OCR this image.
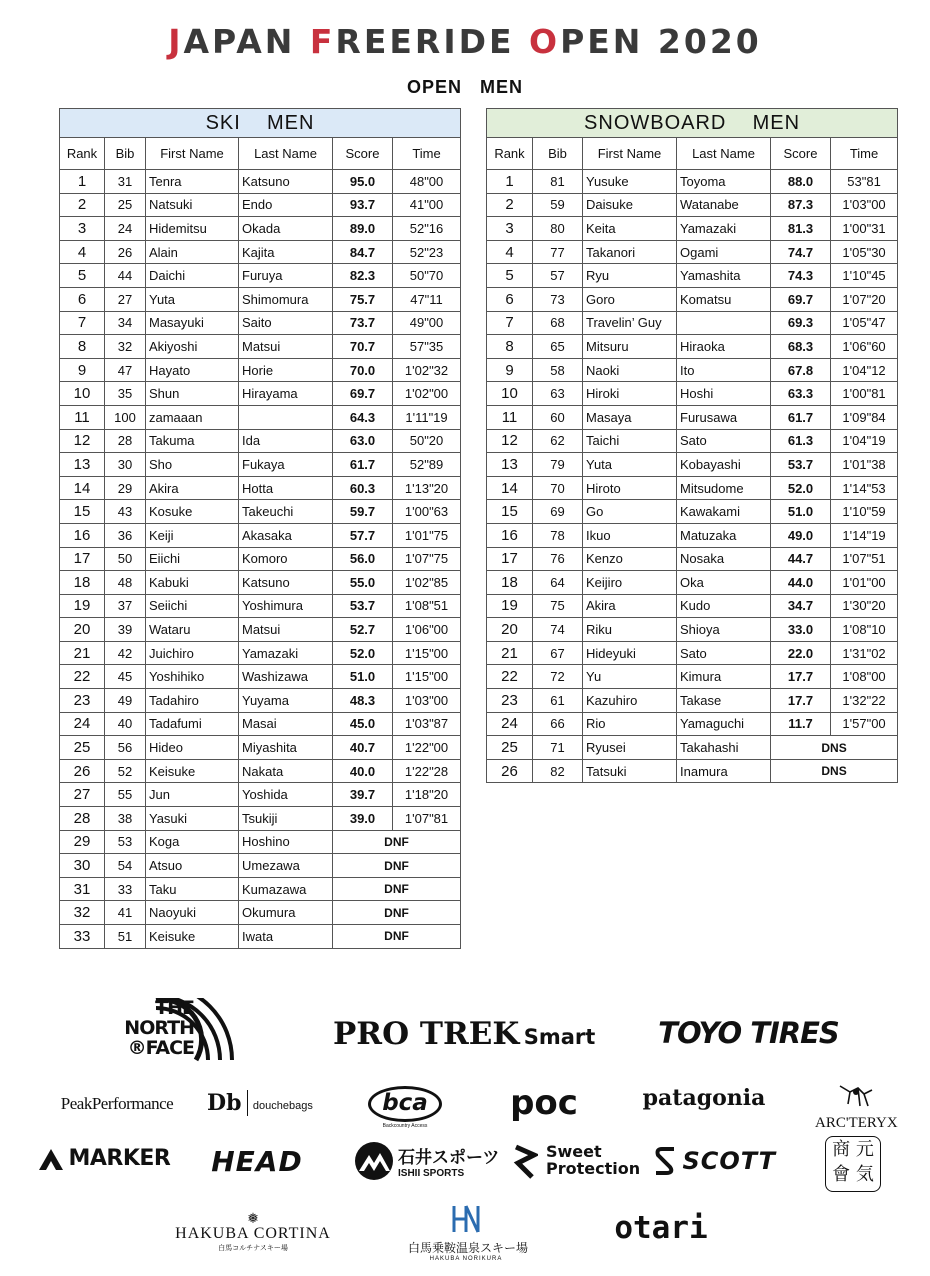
JAPAN FREERIDE OPEN 2020
OPEN   MEN
SKI    MEN					
Rank	Bib	First Name	Last Name	Score	Time
1	31	Tenra	Katsuno	95.0	48"00
2	25	Natsuki	Endo	93.7	41"00
3	24	Hidemitsu	Okada	89.0	52"16
4	26	Alain	Kajita	84.7	52"23
5	44	Daichi	Furuya	82.3	50"70
6	27	Yuta	Shimomura	75.7	47"11
7	34	Masayuki	Saito	73.7	49"00
8	32	Akiyoshi	Matsui	70.7	57"35
9	47	Hayato	Horie	70.0	1'02"32
10	35	Shun	Hirayama	69.7	1'02"00
11	100	zamaaan		64.3	1'11"19
12	28	Takuma	Ida	63.0	50"20
13	30	Sho	Fukaya	61.7	52"89
14	29	Akira	Hotta	60.3	1'13"20
15	43	Kosuke	Takeuchi	59.7	1'00"63
16	36	Keiji	Akasaka	57.7	1'01"75
17	50	Eiichi	Komoro	56.0	1'07"75
18	48	Kabuki	Katsuno	55.0	1'02"85
19	37	Seiichi	Yoshimura	53.7	1'08"51
20	39	Wataru	Matsui	52.7	1'06"00
21	42	Juichiro	Yamazaki	52.0	1'15"00
22	45	Yoshihiko	Washizawa	51.0	1'15"00
23	49	Tadahiro	Yuyama	48.3	1'03"00
24	40	Tadafumi	Masai	45.0	1'03"87
25	56	Hideo	Miyashita	40.7	1'22"00
26	52	Keisuke	Nakata	40.0	1'22"28
27	55	Jun	Yoshida	39.7	1'18"20
28	38	Yasuki	Tsukiji	39.0	1'07"81
29	53	Koga	Hoshino	DNF	
30	54	Atsuo	Umezawa	DNF	
31	33	Taku	Kumazawa	DNF	
32	41	Naoyuki	Okumura	DNF	
33	51	Keisuke	Iwata	DNF	
SNOWBOARD    MEN					
Rank	Bib	First Name	Last Name	Score	Time
1	81	Yusuke	Toyoma	88.0	53"81
2	59	Daisuke	Watanabe	87.3	1'03"00
3	80	Keita	Yamazaki	81.3	1'00"31
4	77	Takanori	Ogami	74.7	1'05"30
5	57	Ryu	Yamashita	74.3	1'10"45
6	73	Goro	Komatsu	69.7	1'07"20
7	68	Travelin’ Guy		69.3	1'05"47
8	65	Mitsuru	Hiraoka	68.3	1'06"60
9	58	Naoki	Ito	67.8	1'04"12
10	63	Hiroki	Hoshi	63.3	1'00"81
11	60	Masaya	Furusawa	61.7	1'09"84
12	62	Taichi	Sato	61.3	1'04"19
13	79	Yuta	Kobayashi	53.7	1'01"38
14	70	Hiroto	Mitsudome	52.0	1'14"53
15	69	Go	Kawakami	51.0	1'10"59
16	78	Ikuo	Matuzaka	49.0	1'14"19
17	76	Kenzo	Nosaka	44.7	1'07"51
18	64	Keijiro	Oka	44.0	1'01"00
19	75	Akira	Kudo	34.7	1'30"20
20	74	Riku	Shioya	33.0	1'08"10
21	67	Hideyuki	Sato	22.0	1'31"02
22	72	Yu	Kimura	17.7	1'08"00
23	61	Kazuhiro	Takase	17.7	1'32"22
24	66	Rio	Yamaguchi	11.7	1'57"00
25	71	Ryusei	Takahashi	DNS	
26	82	Tatsuki	Inamura	DNS	
THE
NORTH
®FACE	PRO TREK Smart	TOYO TIRES
PeakPerformance	Db douchebags	bca
Backcountry Access
poc	patagonia
ARC'TERYX
MARKER	HEAD	石井スポーツ
ISHII SPORTS
Sweet
Protection	SCOTT	商 元
會 気
❅
HAKUBA CORTINA
白馬コルチナスキー場	白馬乗鞍温泉スキー場
HAKUBA NORIKURA
otari
